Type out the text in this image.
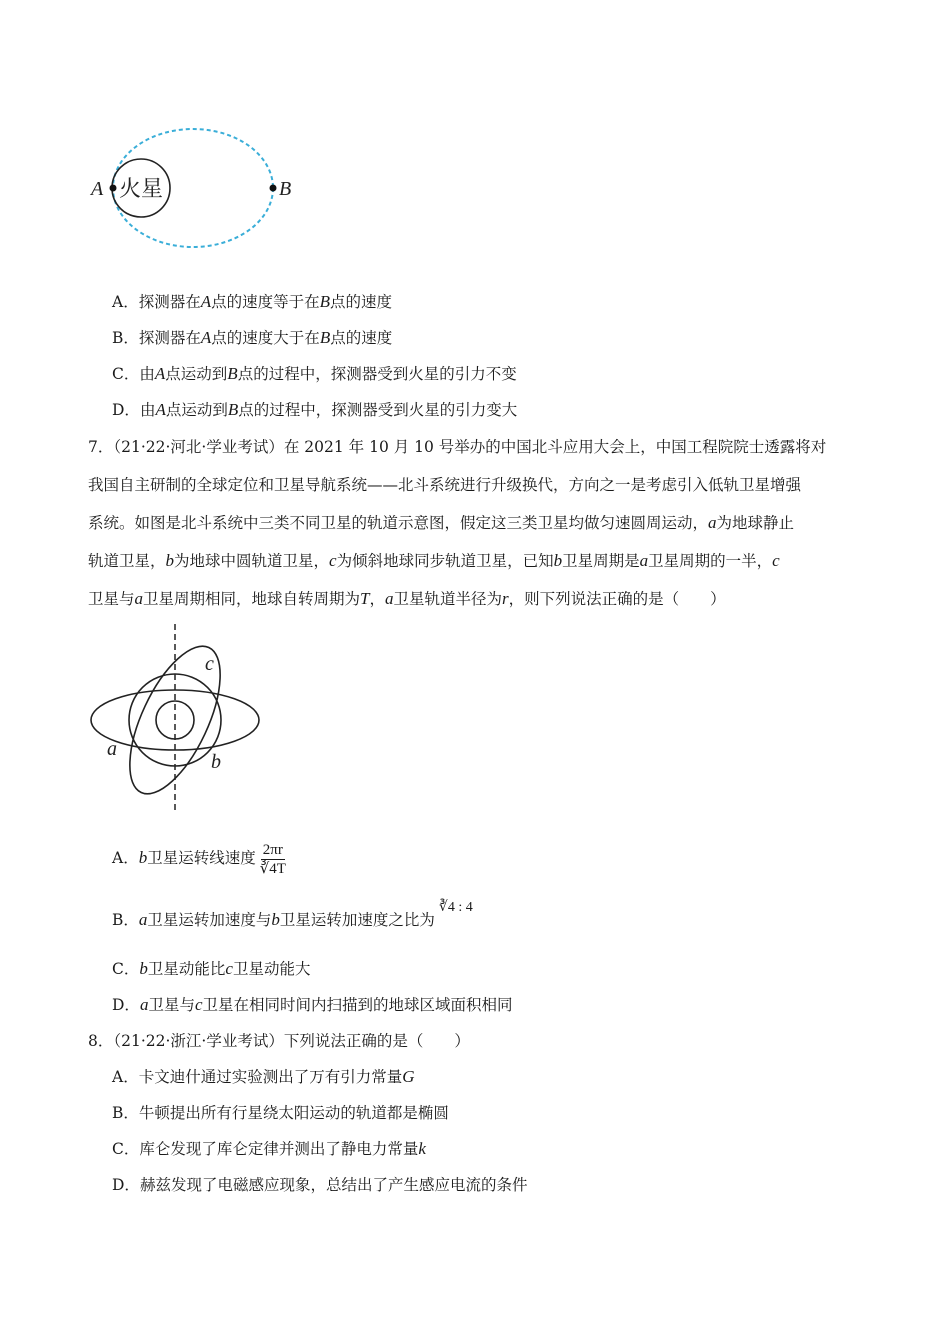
火星
A	B
A．探测器在A点的速度等于在B点的速度
B．探测器在A点的速度大于在B点的速度
C．由A点运动到B点的过程中，探测器受到火星的引力不变
D．由A点运动到B点的过程中，探测器受到火星的引力变大
7．（21·22·河北·学业考试）在 2021 年 10 月 10 号举办的中国北斗应用大会上，中国工程院院士透露将对
我国自主研制的全球定位和卫星导航系统——北斗系统进行升级换代，方向之一是考虑引入低轨卫星增强
系统。如图是北斗系统中三类不同卫星的轨道示意图，假定这三类卫星均做匀速圆周运动，a为地球静止
轨道卫星，b为地球中圆轨道卫星，c为倾斜地球同步轨道卫星，已知b卫星周期是a卫星周期的一半，c
卫星与a卫星周期相同，地球自转周期为T，a卫星轨道半径为r，则下列说法正确的是（　　）
c
a
b
A．b卫星运转线速度 $\frac{2\pi r}{∛4T}$
B．a卫星运转加速度与b卫星运转加速度之比为∛4 : 4
C．b卫星动能比c卫星动能大
D．a卫星与c卫星在相同时间内扫描到的地球区域面积相同
8．（21·22·浙江·学业考试）下列说法正确的是（　　）
A．卡文迪什通过实验测出了万有引力常量G
B．牛顿提出所有行星绕太阳运动的轨道都是椭圆
C．库仑发现了库仑定律并测出了静电力常量k
D．赫兹发现了电磁感应现象，总结出了产生感应电流的条件
